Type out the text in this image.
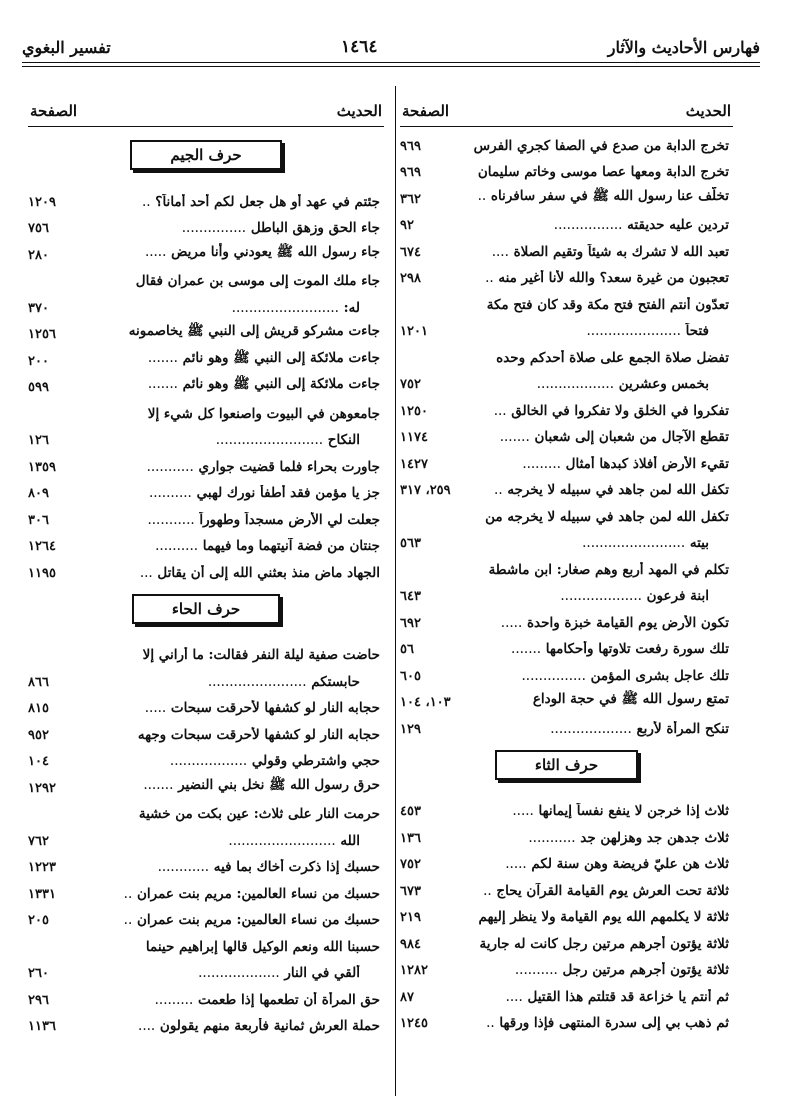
فهارس الأحاديث والآثار
١٤٦٤
تفسير البغوي
الحديث
الصفحة
تخرج الدابة من صدع في الصفا كجري الفرس
٩٦٩
تخرج الدابة ومعها عصا موسى وخاتم سليمان
٩٦٩
تخلّف عنا رسول الله ﷺ في سفر سافرناه ..
٣٦٢
تردين عليه حديقته ................
٩٢
تعبد الله لا تشرك به شيئاً وتقيم الصلاة ....
٦٧٤
تعجبون من غيرة سعد؟ والله لأنا أغير منه ..
٢٩٨
تعدّون أنتم الفتح فتح مكة وقد كان فتح مكة
فتحاً ......................
١٢٠١
تفضل صلاة الجمع على صلاة أحدكم وحده
بخمس وعشرين ..................
٧٥٢
تفكروا في الخلق ولا تفكروا في الخالق ...
١٢٥٠
تقطع الآجال من شعبان إلى شعبان .......
١١٧٤
تقيء الأرض أفلاذ كبدها أمثال .........
١٤٢٧
تكفل الله لمن جاهد في سبيله لا يخرجه ..
٢٥٩، ٣١٧
تكفل الله لمن جاهد في سبيله لا يخرجه من
بيته ........................
٥٦٣
تكلم في المهد أربع وهم صغار: ابن ماشطة
ابنة فرعون ...................
٦٤٣
تكون الأرض يوم القيامة خبزة واحدة .....
٦٩٢
تلك سورة رفعت تلاوتها وأحكامها .......
٥٦
تلك عاجل بشرى المؤمن ...............
٦٠٥
تمتع رسول الله ﷺ في حجة الوداع
١٠٣، ١٠٤
تنكح المرأة لأربع ...................
١٢٩
حرف الثاء
ثلاث إذا خرجن لا ينفع نفساً إيمانها .....
٤٥٣
ثلاث جدهن جد وهزلهن جد ...........
١٣٦
ثلاث هن عليّ فريضة وهن سنة لكم .....
٧٥٢
ثلاثة تحت العرش يوم القيامة القرآن يحاج ..
٦٧٣
ثلاثة لا يكلمهم الله يوم القيامة ولا ينظر إليهم
٢١٩
ثلاثة يؤتون أجرهم مرتين رجل كانت له جارية
٩٨٤
ثلاثة يؤتون أجرهم مرتين رجل ..........
١٢٨٢
ثم أنتم يا خزاعة قد قتلتم هذا القتيل ....
٨٧
ثم ذهب بي إلى سدرة المنتهى فإذا ورقها ..
١٢٤٥
الحديث
الصفحة
حرف الجيم
جئتم في عهد أو هل جعل لكم أحد أماناً؟ ..
١٢٠٩
جاء الحق وزهق الباطل ...............
٧٥٦
جاء رسول الله ﷺ يعودني وأنا مريض .....
٢٨٠
جاء ملك الموت إلى موسى بن عمران فقال
له: .........................
٣٧٠
جاءت مشركو قريش إلى النبي ﷺ يخاصمونه
١٢٥٦
جاءت ملائكة إلى النبي ﷺ وهو نائم .......
٢٠٠
جاءت ملائكة إلى النبي ﷺ وهو نائم .......
٥٩٩
جامعوهن في البيوت واصنعوا كل شيء إلا
النكاح .........................
١٢٦
جاورت بحراء فلما قضيت جواري ...........
١٣٥٩
جز يا مؤمن فقد أطفأ نورك لهبي ..........
٨٠٩
جعلت لي الأرض مسجداً وطهوراً ...........
٣٠٦
جنتان من فضة آنيتهما وما فيهما ..........
١٢٦٤
الجهاد ماض منذ بعثني الله إلى أن يقاتل ...
١١٩٥
حرف الحاء
حاضت صفية ليلة النفر فقالت: ما أراني إلا
حابستكم .......................
٨٦٦
حجابه النار لو كشفها لأحرقت سبحات .....
٨١٥
حجابه النار لو كشفها لأحرقت سبحات وجهه
٩٥٢
حجي واشترطي وقولي ..................
١٠٤
حرق رسول الله ﷺ نخل بني النضير .......
١٢٩٢
حرمت النار على ثلاث: عين بكت من خشية
الله .........................
٧٦٢
حسبك إذا ذكرت أخاك بما فيه ............
١٢٢٣
حسبك من نساء العالمين: مريم بنت عمران ..
١٣٣١
حسبك من نساء العالمين: مريم بنت عمران ..
٢٠٥
حسبنا الله ونعم الوكيل قالها إبراهيم حينما
ألقي في النار ...................
٢٦٠
حق المرأة أن تطعمها إذا طعمت .........
٢٩٦
حملة العرش ثمانية فأربعة منهم يقولون ....
١١٣٦
